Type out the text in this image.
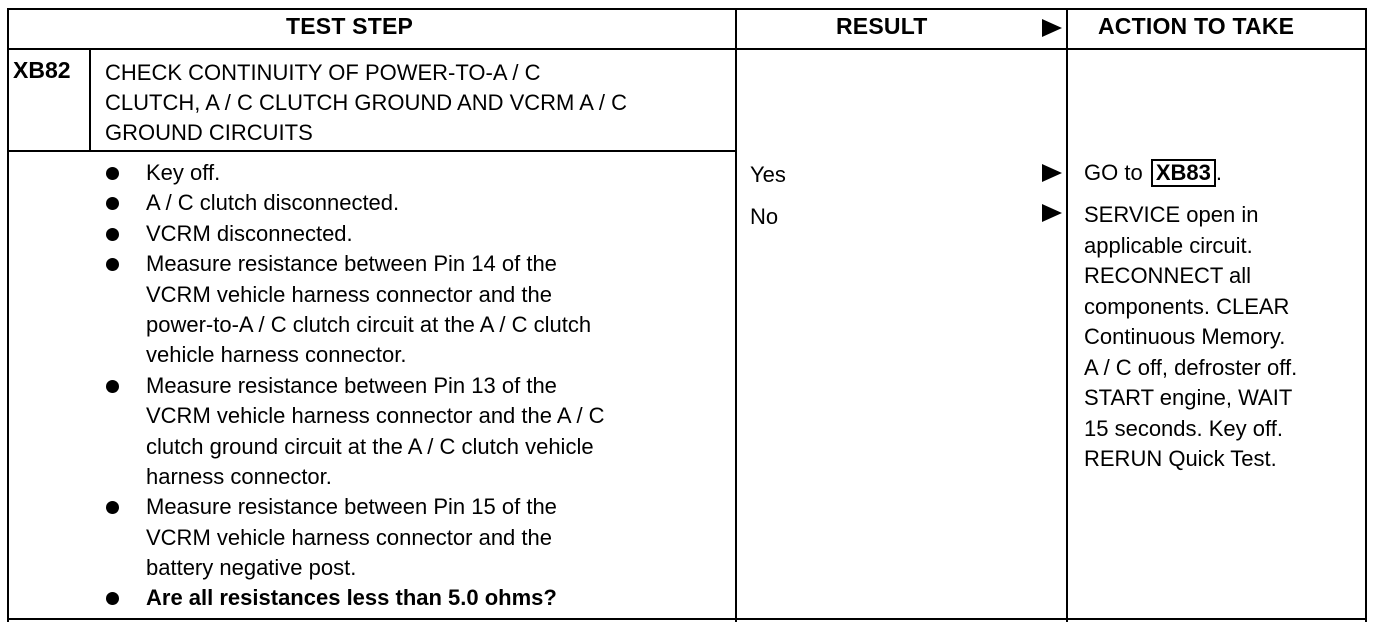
TEST STEP	RESULT	ACTION TO TAKE
XB82 CHECK CONTINUITY OF POWER-TO-A / C
CLUTCH, A / C CLUTCH GROUND AND VCRM A / C
GROUND CIRCUITS
Key off.
A / C clutch disconnected.
VCRM disconnected.
Measure resistance between Pin 14 of the
VCRM vehicle harness connector and the
power-to-A / C clutch circuit at the A / C clutch
vehicle harness connector.
Measure resistance between Pin 13 of the
VCRM vehicle harness connector and the A / C
clutch ground circuit at the A / C clutch vehicle
harness connector.
Measure resistance between Pin 15 of the
VCRM vehicle harness connector and the
battery negative post.
Are all resistances less than 5.0 ohms?
Yes
No
GO to XB83 .
SERVICE open in
applicable circuit.
RECONNECT all
components. CLEAR
Continuous Memory.
A / C off, defroster off.
START engine, WAIT
15 seconds. Key off.
RERUN Quick Test.
